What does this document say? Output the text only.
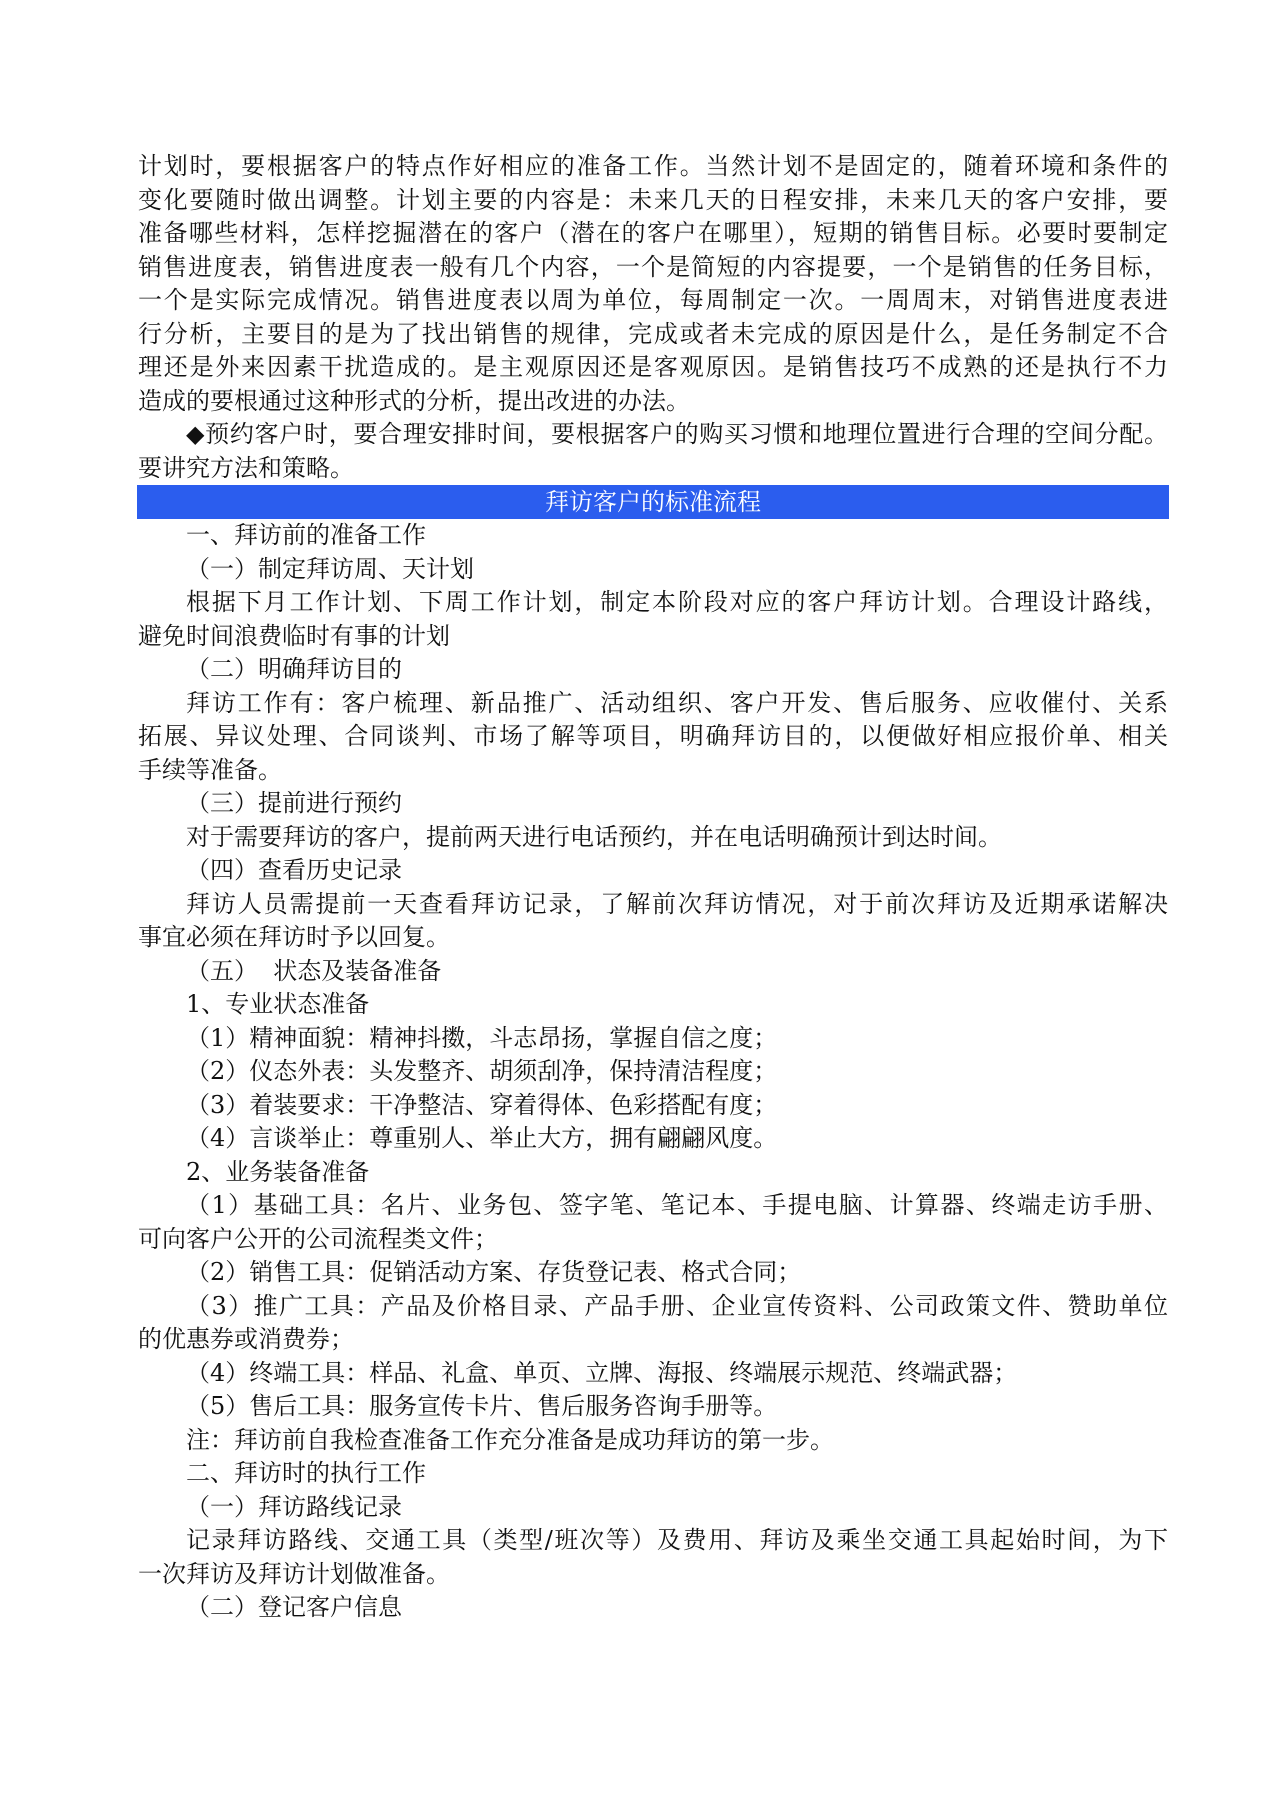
计划时，要根据客户的特点作好相应的准备工作。当然计划不是固定的，随着环境和条件的
变化要随时做出调整。计划主要的内容是：未来几天的日程安排，未来几天的客户安排，要
准备哪些材料，怎样挖掘潜在的客户（潜在的客户在哪里），短期的销售目标。必要时要制定
销售进度表，销售进度表一般有几个内容，一个是简短的内容提要，一个是销售的任务目标，
一个是实际完成情况。销售进度表以周为单位，每周制定一次。一周周末，对销售进度表进
行分析，主要目的是为了找出销售的规律，完成或者未完成的原因是什么，是任务制定不合
理还是外来因素干扰造成的。是主观原因还是客观原因。是销售技巧不成熟的还是执行不力
造成的要根通过这种形式的分析，提出改进的办法。
◆预约客户时，要合理安排时间，要根据客户的购买习惯和地理位置进行合理的空间分配。
要讲究方法和策略。
拜访客户的标准流程
一、拜访前的准备工作
（一）制定拜访周、天计划
根据下月工作计划、下周工作计划，制定本阶段对应的客户拜访计划。合理设计路线，
避免时间浪费临时有事的计划
（二）明确拜访目的
拜访工作有：客户梳理、新品推广、活动组织、客户开发、售后服务、应收催付、关系
拓展、异议处理、合同谈判、市场了解等项目，明确拜访目的，以便做好相应报价单、相关
手续等准备。
（三）提前进行预约
对于需要拜访的客户，提前两天进行电话预约，并在电话明确预计到达时间。
（四）查看历史记录
拜访人员需提前一天查看拜访记录，了解前次拜访情况，对于前次拜访及近期承诺解决
事宜必须在拜访时予以回复。
（五）  状态及装备准备
1、专业状态准备
（1）精神面貌：精神抖擞，斗志昂扬，掌握自信之度；
（2）仪态外表：头发整齐、胡须刮净，保持清洁程度；
（3）着装要求：干净整洁、穿着得体、色彩搭配有度；
（4）言谈举止：尊重别人、举止大方，拥有翩翩风度。
2、业务装备准备
（1）基础工具：名片、业务包、签字笔、笔记本、手提电脑、计算器、终端走访手册、
可向客户公开的公司流程类文件；
（2）销售工具：促销活动方案、存货登记表、格式合同；
（3）推广工具：产品及价格目录、产品手册、企业宣传资料、公司政策文件、赞助单位
的优惠券或消费券；
（4）终端工具：样品、礼盒、单页、立牌、海报、终端展示规范、终端武器；
（5）售后工具：服务宣传卡片、售后服务咨询手册等。
注：拜访前自我检查准备工作充分准备是成功拜访的第一步。
二、拜访时的执行工作
（一）拜访路线记录
记录拜访路线、交通工具（类型/班次等）及费用、拜访及乘坐交通工具起始时间，为下
一次拜访及拜访计划做准备。
（二）登记客户信息
